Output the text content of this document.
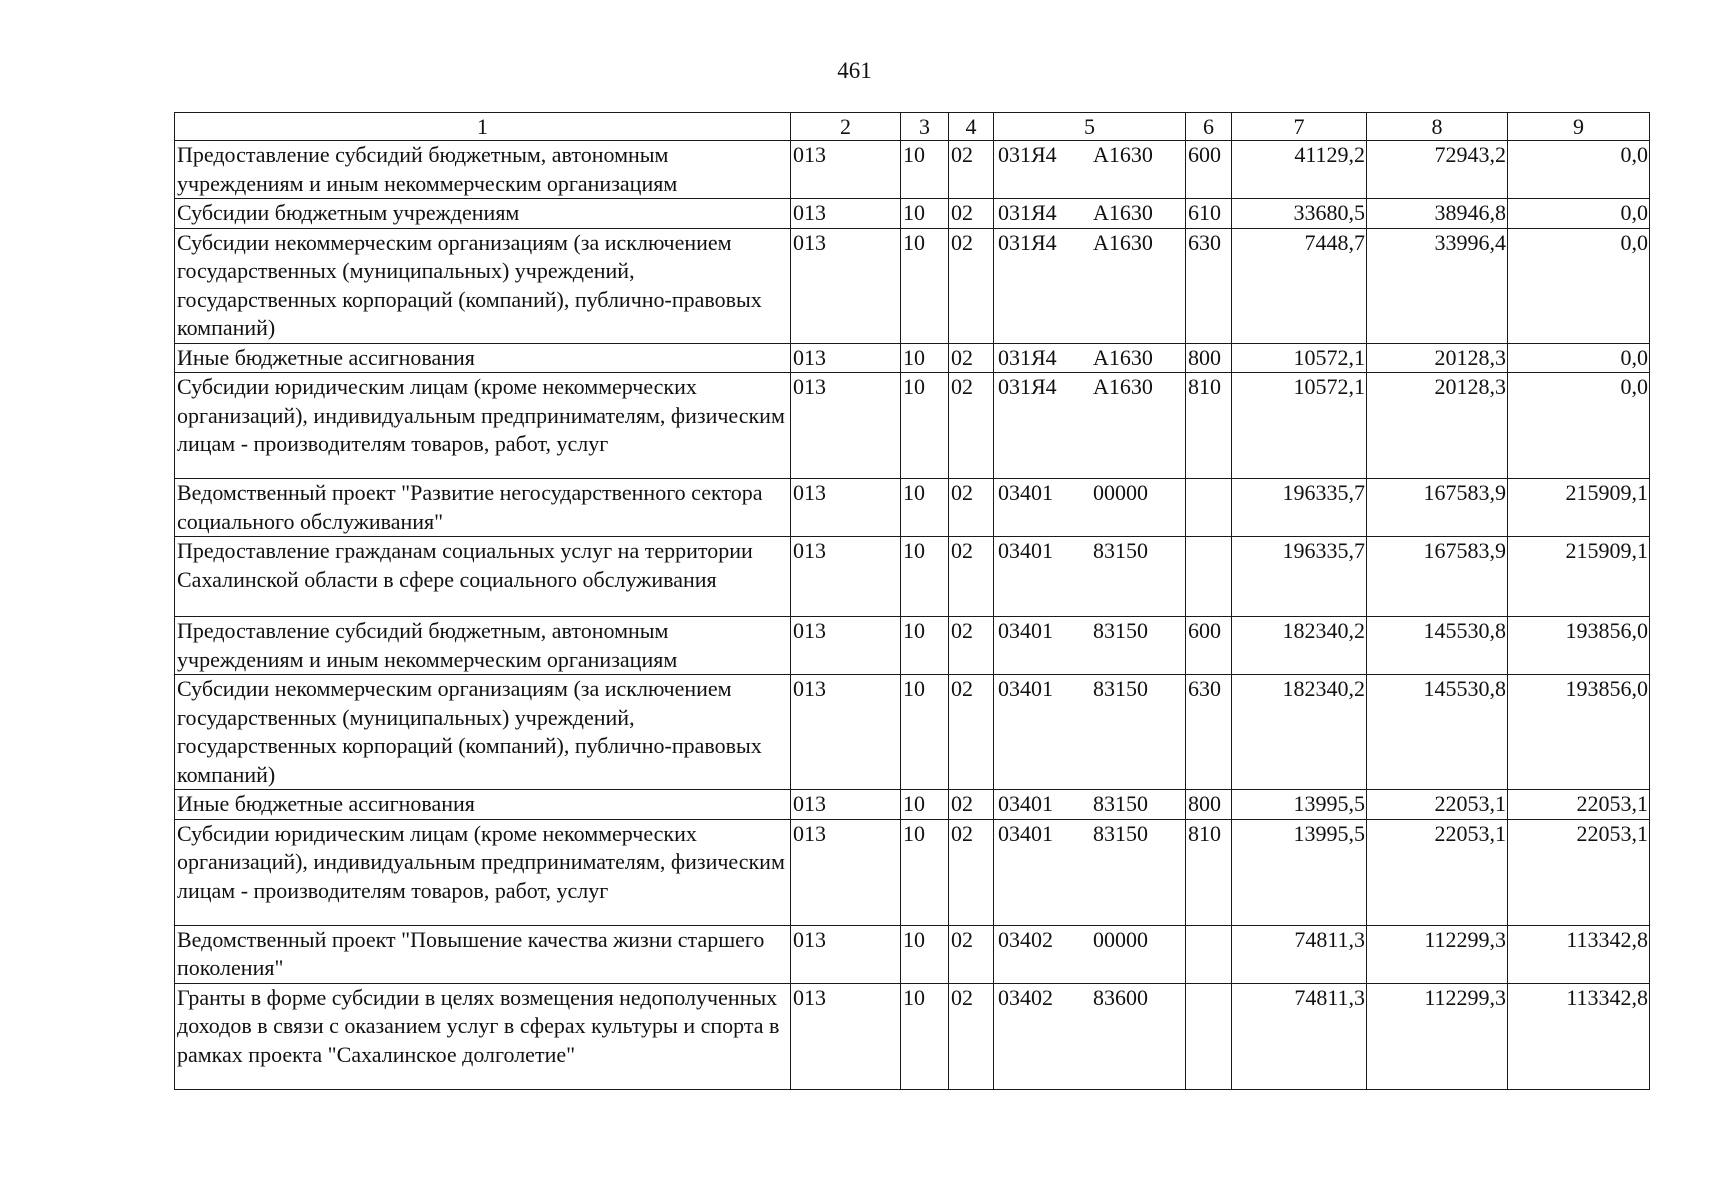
461
1	2	3	4	5	6	7	8	9
Предоставление субсидий бюджетным, автономным учреждениям и иным некоммерческим организациям	013	10	02	031Я4 А1630	600	41129,2	72943,2	0,0
Субсидии бюджетным учреждениям	013	10	02	031Я4 А1630	610	33680,5	38946,8	0,0
Субсидии некоммерческим организациям (за исключением государственных (муниципальных) учреждений, государственных корпораций (компаний), публично-правовых компаний)	013	10	02	031Я4 А1630	630	7448,7	33996,4	0,0
Иные бюджетные ассигнования	013	10	02	031Я4 А1630	800	10572,1	20128,3	0,0
Субсидии юридическим лицам (кроме некоммерческих организаций), индивидуальным предпринимателям, физическим лицам - производителям товаров, работ, услуг	013	10	02	031Я4 А1630	810	10572,1	20128,3	0,0
Ведомственный проект "Развитие негосударственного сектора социального обслуживания"	013	10	02	03401 00000		196335,7	167583,9	215909,1
Предоставление гражданам социальных услуг на территории Сахалинской области в сфере социального обслуживания	013	10	02	03401 83150		196335,7	167583,9	215909,1
Предоставление субсидий бюджетным, автономным учреждениям и иным некоммерческим организациям	013	10	02	03401 83150	600	182340,2	145530,8	193856,0
Субсидии некоммерческим организациям (за исключением государственных (муниципальных) учреждений, государственных корпораций (компаний), публично-правовых компаний)	013	10	02	03401 83150	630	182340,2	145530,8	193856,0
Иные бюджетные ассигнования	013	10	02	03401 83150	800	13995,5	22053,1	22053,1
Субсидии юридическим лицам (кроме некоммерческих организаций), индивидуальным предпринимателям, физическим лицам - производителям товаров, работ, услуг	013	10	02	03401 83150	810	13995,5	22053,1	22053,1
Ведомственный проект "Повышение качества жизни старшего поколения"	013	10	02	03402 00000		74811,3	112299,3	113342,8
Гранты в форме субсидии в целях возмещения недополученных доходов в связи с оказанием услуг в сферах культуры и спорта в рамках проекта "Сахалинское долголетие"	013	10	02	03402 83600		74811,3	112299,3	113342,8
